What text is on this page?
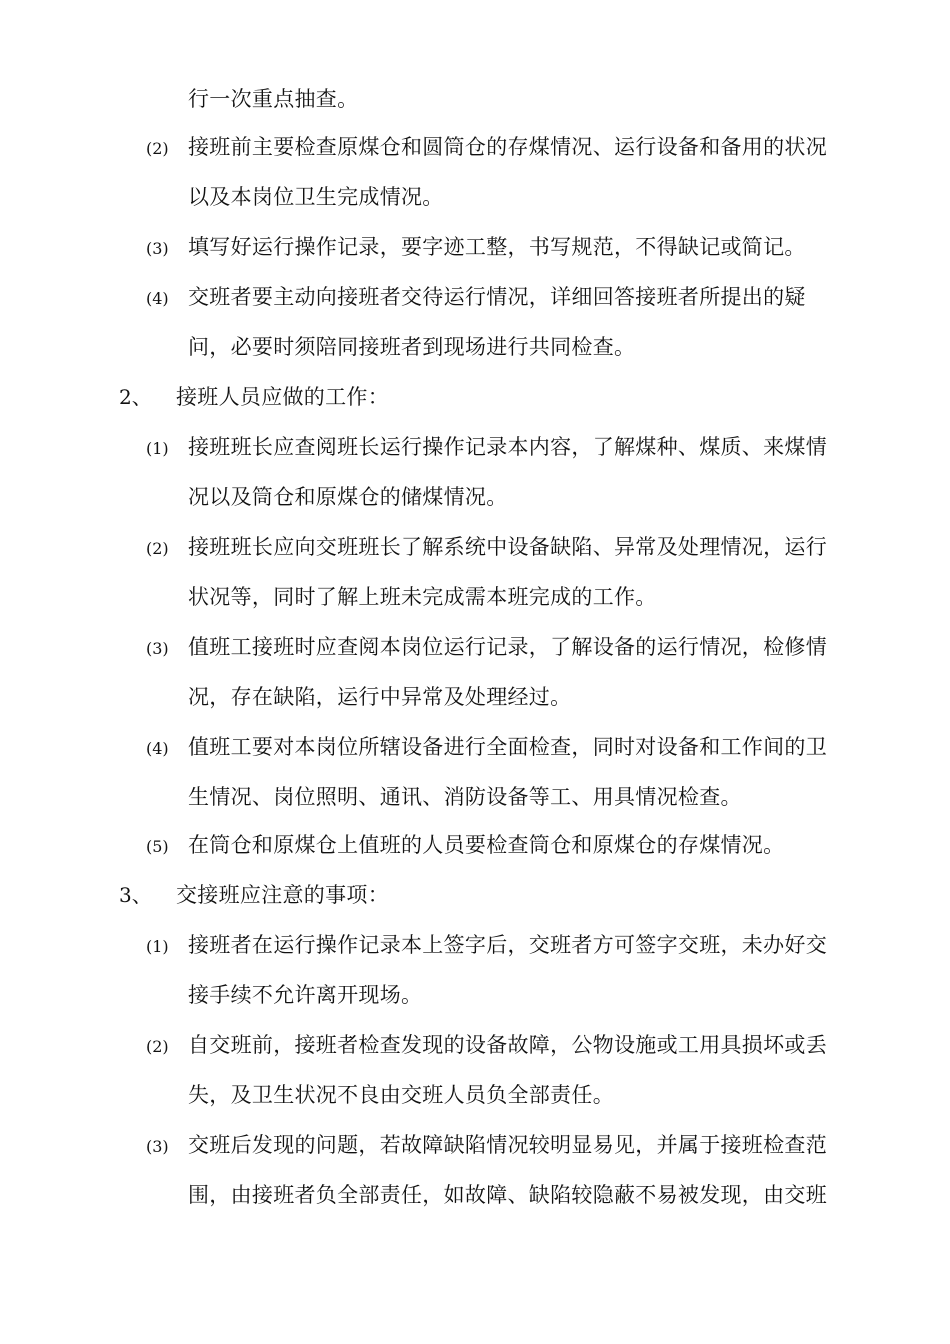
行一次重点抽查。
(2) 接班前主要检查原煤仓和圆筒仓的存煤情况、运行设备和备用的状况
以及本岗位卫生完成情况。
(3) 填写好运行操作记录，要字迹工整，书写规范，不得缺记或简记。
(4) 交班者要主动向接班者交待运行情况，详细回答接班者所提出的疑
问，必要时须陪同接班者到现场进行共同检查。
2、 接班人员应做的工作：
(1) 接班班长应查阅班长运行操作记录本内容，了解煤种、煤质、来煤情
况以及筒仓和原煤仓的储煤情况。
(2) 接班班长应向交班班长了解系统中设备缺陷、异常及处理情况，运行
状况等，同时了解上班未完成需本班完成的工作。
(3) 值班工接班时应查阅本岗位运行记录，了解设备的运行情况，检修情
况，存在缺陷，运行中异常及处理经过。
(4) 值班工要对本岗位所辖设备进行全面检查，同时对设备和工作间的卫
生情况、岗位照明、通讯、消防设备等工、用具情况检查。
(5) 在筒仓和原煤仓上值班的人员要检查筒仓和原煤仓的存煤情况。
3、 交接班应注意的事项：
(1) 接班者在运行操作记录本上签字后，交班者方可签字交班，未办好交
接手续不允许离开现场。
(2) 自交班前，接班者检查发现的设备故障，公物设施或工用具损坏或丢
失，及卫生状况不良由交班人员负全部责任。
(3) 交班后发现的问题，若故障缺陷情况较明显易见，并属于接班检查范
围，由接班者负全部责任，如故障、缺陷较隐蔽不易被发现，由交班
